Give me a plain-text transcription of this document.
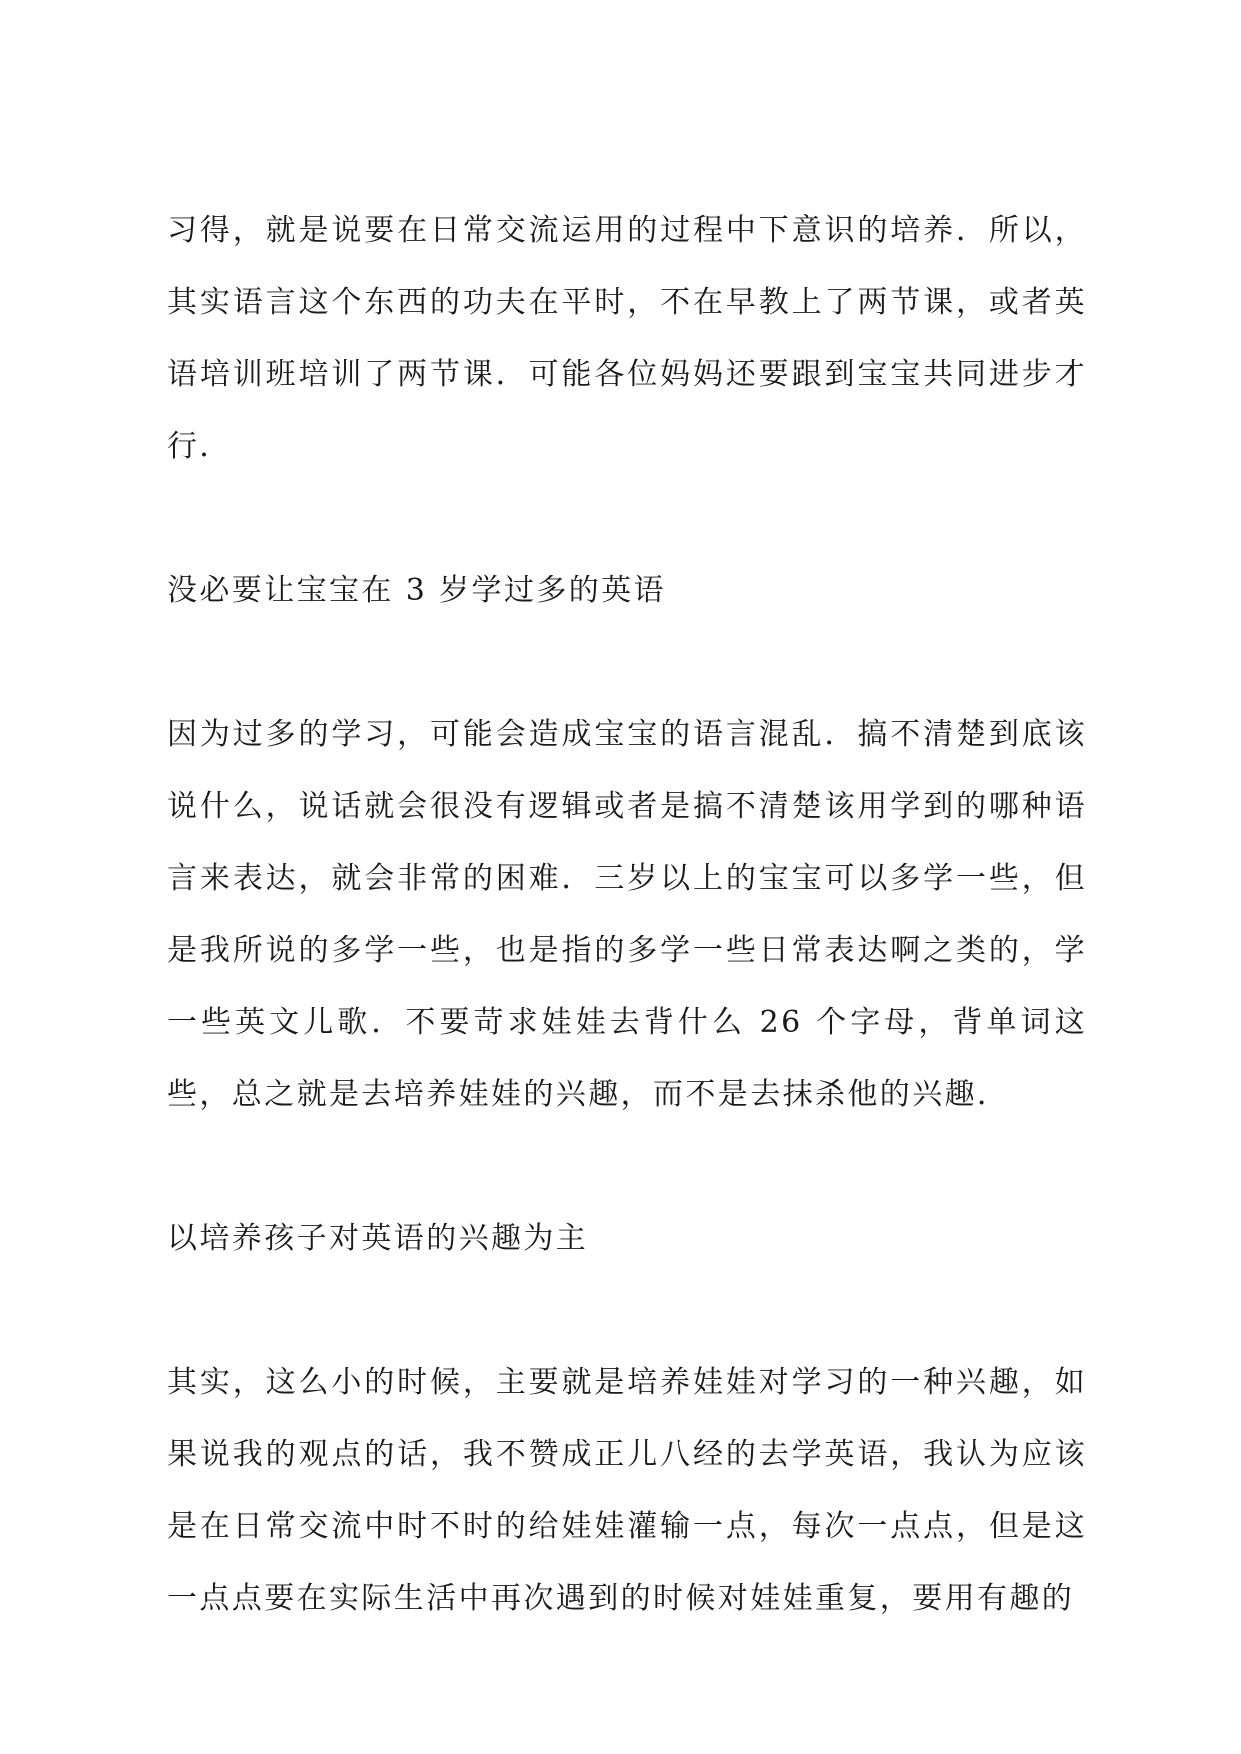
习得，就是说要在日常交流运用的过程中下意识的培养．所以，其实语言这个东西的功夫在平时，不在早教上了两节课，或者英语培训班培训了两节课．可能各位妈妈还要跟到宝宝共同进步才行．

没必要让宝宝在 3 岁学过多的英语

因为过多的学习，可能会造成宝宝的语言混乱．搞不清楚到底该说什么，说话就会很没有逻辑或者是搞不清楚该用学到的哪种语言来表达，就会非常的困难．三岁以上的宝宝可以多学一些，但是我所说的多学一些，也是指的多学一些日常表达啊之类的，学一些英文儿歌．不要苛求娃娃去背什么 26 个字母，背单词这些，总之就是去培养娃娃的兴趣，而不是去抹杀他的兴趣．

以培养孩子对英语的兴趣为主

其实，这么小的时候，主要就是培养娃娃对学习的一种兴趣，如果说我的观点的话，我不赞成正儿八经的去学英语，我认为应该是在日常交流中时不时的给娃娃灌输一点，每次一点点，但是这一点点要在实际生活中再次遇到的时候对娃娃重复，要用有趣的
